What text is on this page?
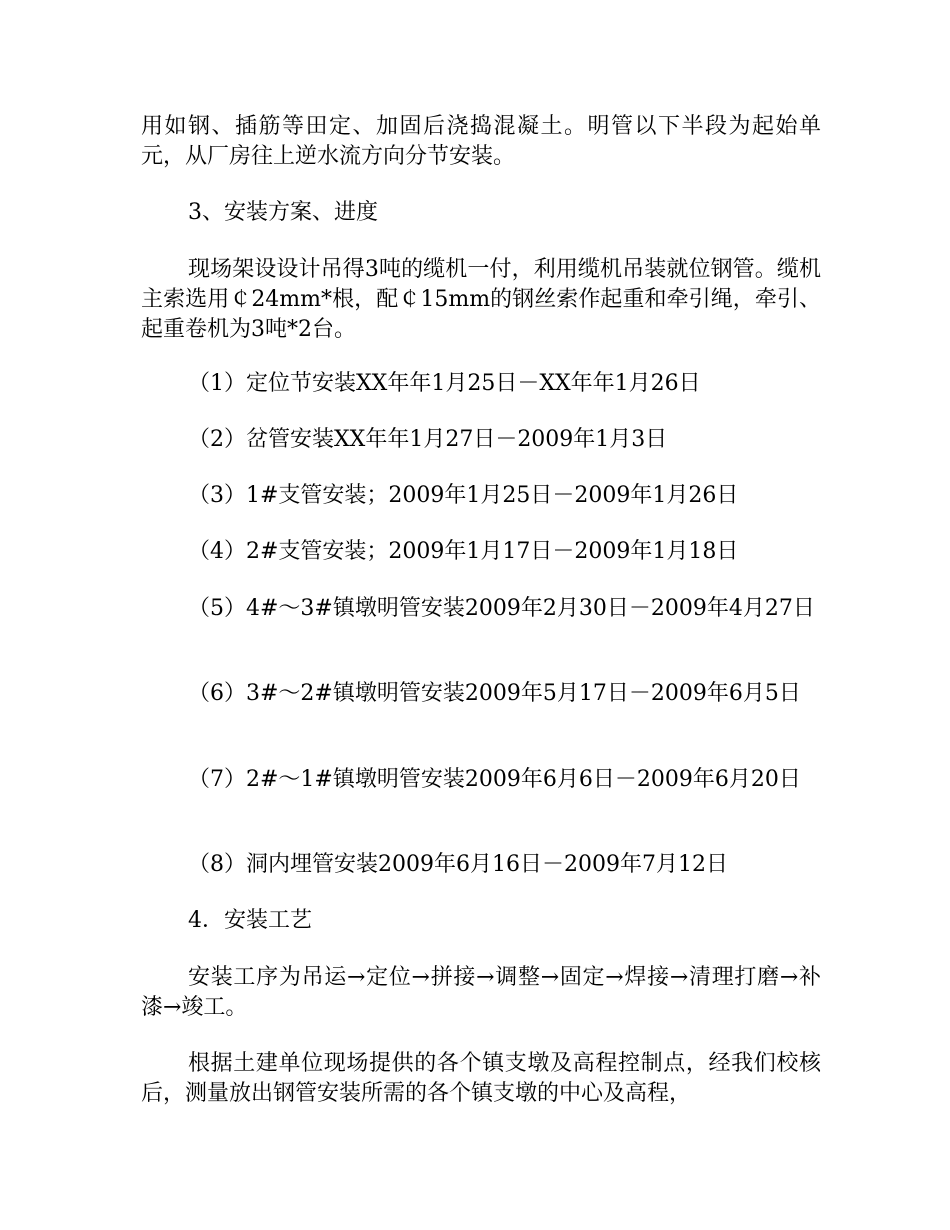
用如钢、插筋等田定、加固后浇捣混凝土。明管以下半段为起始单元，从厂房往上逆水流方向分节安装。

3、安装方案、进度

现场架设设计吊得3吨的缆机一付，利用缆机吊装就位钢管。缆机主索选用￠24mm*根，配￠15mm的钢丝索作起重和牵引绳，牵引、起重卷机为3吨*2台。

（1）定位节安装XX年年1月25日－XX年年1月26日

（2）岔管安装XX年年1月27日－2009年1月3日

（3）1#支管安装；2009年1月25日－2009年1月26日

（4）2#支管安装；2009年1月17日－2009年1月18日

（5）4#～3#镇墩明管安装2009年2月30日－2009年4月27日

（6）3#～2#镇墩明管安装2009年5月17日－2009年6月5日

（7）2#～1#镇墩明管安装2009年6月6日－2009年6月20日

（8）洞内埋管安装2009年6月16日－2009年7月12日

4．安装工艺

安装工序为吊运→定位→拼接→调整→固定→焊接→清理打磨→补漆→竣工。

根据土建单位现场提供的各个镇支墩及高程控制点，经我们校核后，测量放出钢管安装所需的各个镇支墩的中心及高程，
